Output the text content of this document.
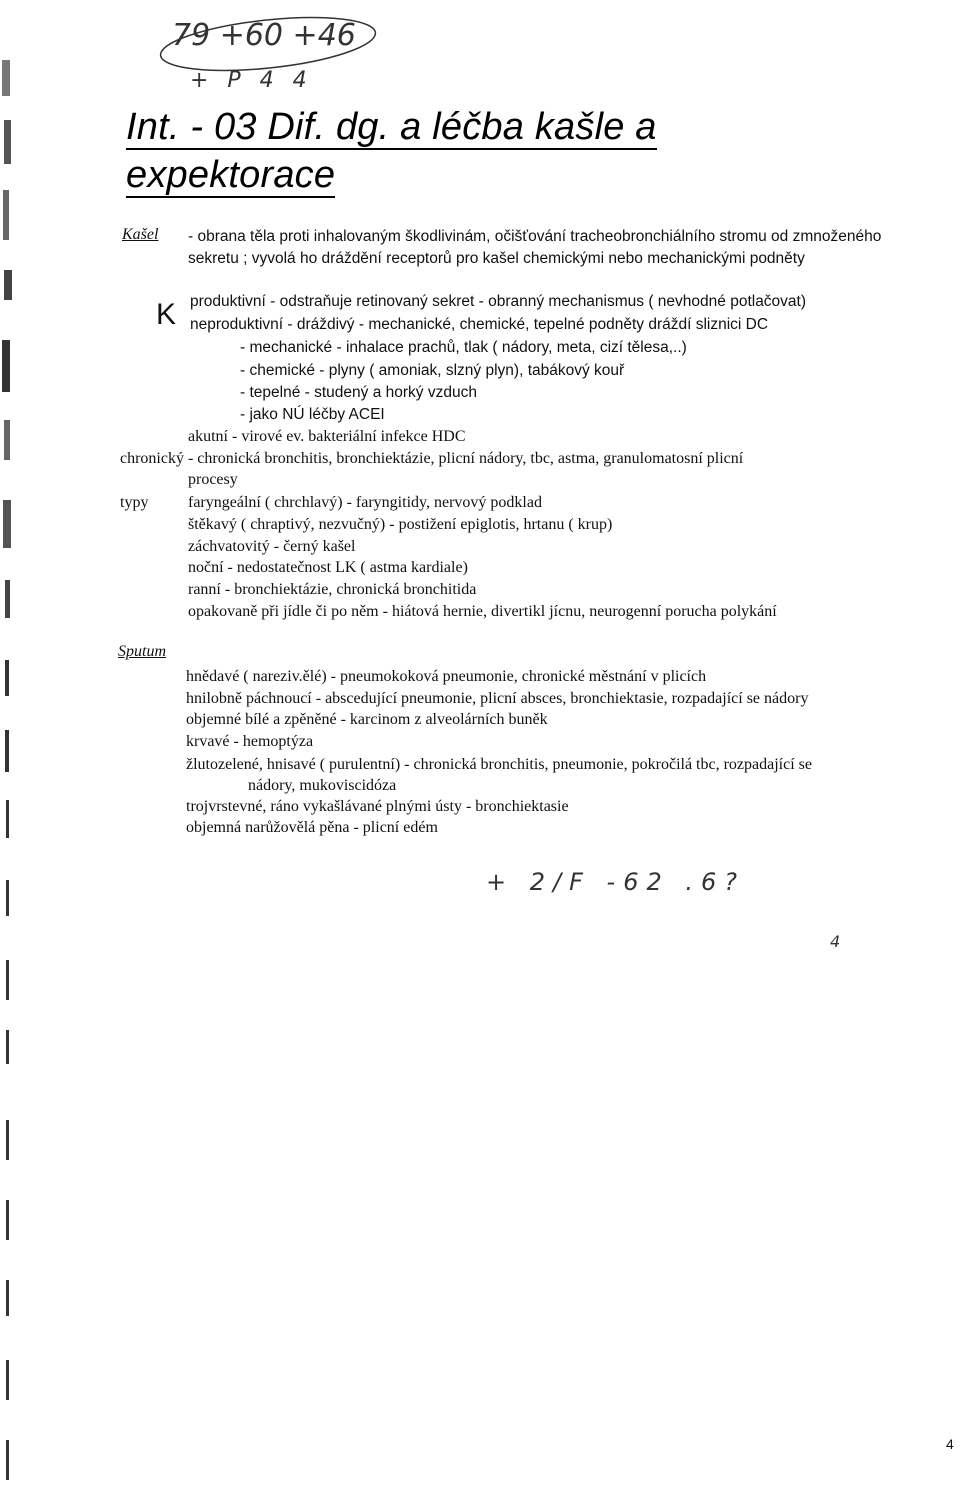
79 +60 +46
+ P 4 4
Int. - 03 Dif. dg. a léčba kašle a
expektorace
Kašel - obrana těla proti inhalovaným škodlivinám, očišťování tracheobronchiálního stromu od zmnoženého
sekretu ; vyvolá ho dráždění receptorů pro kašel chemickými nebo mechanickými podněty
K produktivní - odstraňuje retinovaný sekret - obranný mechanismus ( nevhodné potlačovat)
neproduktivní - dráždivý - mechanické, chemické, tepelné podněty dráždí sliznici DC
- mechanické - inhalace prachů, tlak ( nádory, meta, cizí tělesa,..)
- chemické - plyny ( amoniak, slzný plyn), tabákový kouř
- tepelné - studený a horký vzduch
- jako NÚ léčby ACEI
akutní - virové ev. bakteriální infekce HDC
chronický - chronická bronchitis, bronchiektázie, plicní nádory, tbc, astma, granulomatosní plicní
procesy
typy faryngeální ( chrchlavý) - faryngitidy, nervový podklad
štěkavý ( chraptivý, nezvučný) - postižení epiglotis, hrtanu ( krup)
záchvatovitý - černý kašel
noční - nedostatečnost LK ( astma kardiale)
ranní - bronchiektázie, chronická bronchitida
opakovaně při jídle či po něm - hiátová hernie, divertikl jícnu, neurogenní porucha polykání
Sputum
hnědavé ( nareziv.ělé) - pneumokoková pneumonie, chronické městnání v plicích
hnilobně páchnoucí - abscedující pneumonie, plicní absces, bronchiektasie, rozpadající se nádory
objemné bílé a zpěněné - karcinom z alveolárních buněk
krvavé - hemoptýza
žlutozelené, hnisavé ( purulentní) - chronická bronchitis, pneumonie, pokročilá tbc, rozpadající se
nádory, mukoviscidóza
trojvrstevné, ráno vykašlávané plnými ústy - bronchiektasie
objemná narůžovělá pěna - plicní edém
+ 2/F -62 .6?
4
4
